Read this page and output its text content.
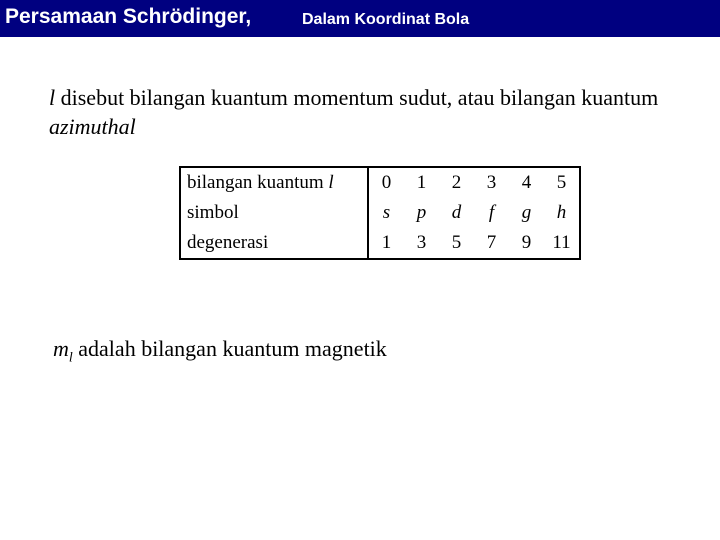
Persamaan Schrödinger,	Dalam Koordinat Bola
l disebut bilangan kuantum momentum sudut, atau bilangan kuantum azimuthal
bilangan kuantum l	0	1	2	3	4	5
simbol	s	p	d	f	g	h
degenerasi	1	3	5	7	9	11
$m_l$ adalah bilangan kuantum magnetik
